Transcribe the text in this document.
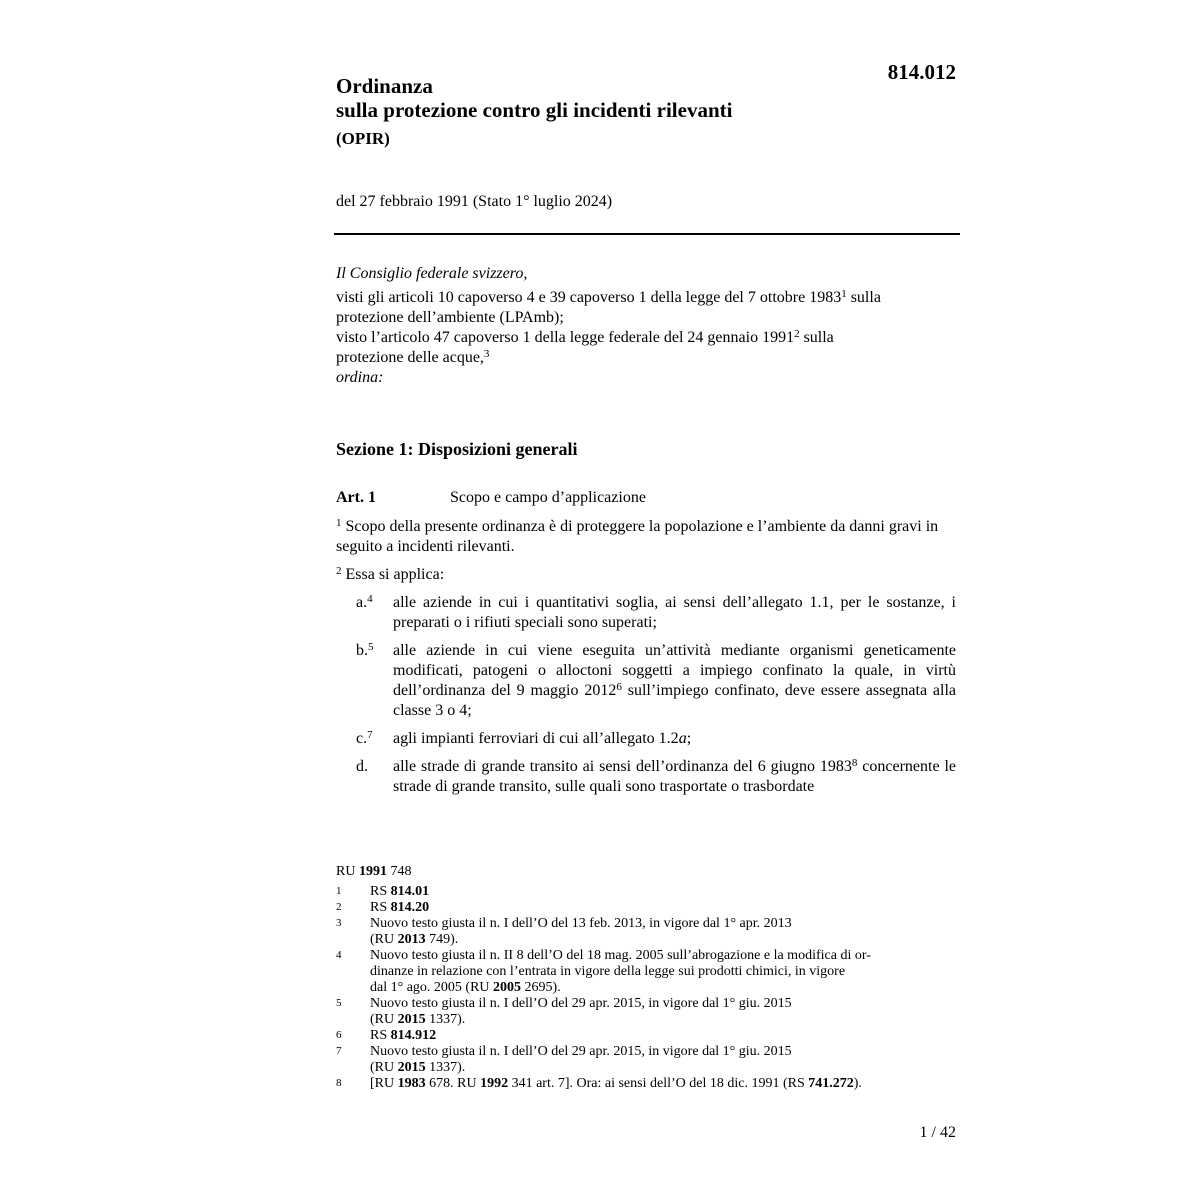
814.012
Ordinanza
sulla protezione contro gli incidenti rilevanti
(OPIR)
del 27 febbraio 1991 (Stato 1° luglio 2024)
Il Consiglio federale svizzero,
visti gli articoli 10 capoverso 4 e 39 capoverso 1 della legge del 7 ottobre 1983$^1$ sulla
protezione dell’ambiente (LPAmb);
visto l’articolo 47 capoverso 1 della legge federale del 24 gennaio 1991$^2$ sulla
protezione delle acque,$^3$
ordina:
Sezione 1: Disposizioni generali
Art. 1	Scopo e campo d’applicazione
$^1$ Scopo della presente ordinanza è di proteggere la popolazione e l’ambiente da danni gravi in seguito a incidenti rilevanti.
$^2$ Essa si applica:
a.$^4$	alle aziende in cui i quantitativi soglia, ai sensi dell’allegato 1.1, per le sostanze, i preparati o i rifiuti speciali sono superati;
b.$^5$	alle aziende in cui viene eseguita un’attività mediante organismi geneticamente modificati, patogeni o alloctoni soggetti a impiego confinato la quale, in virtù dell’ordinanza del 9 maggio 2012$^6$ sull’impiego confinato, deve essere assegnata alla classe 3 o 4;
c.$^7$	agli impianti ferroviari di cui all’allegato 1.2a;
d.	alle strade di grande transito ai sensi dell’ordinanza del 6 giugno 1983$^8$ concernente le strade di grande transito, sulle quali sono trasportate o trasbordate
RU 1991 748
1	RS 814.01
2	RS 814.20
3	Nuovo testo giusta il n. I dell’O del 13 feb. 2013, in vigore dal 1° apr. 2013
(RU 2013 749).
4	Nuovo testo giusta il n. II 8 dell’O del 18 mag. 2005 sull’abrogazione e la modifica di or-
dinanze in relazione con l’entrata in vigore della legge sui prodotti chimici, in vigore
dal 1° ago. 2005 (RU 2005 2695).
5	Nuovo testo giusta il n. I dell’O del 29 apr. 2015, in vigore dal 1° giu. 2015
(RU 2015 1337).
6	RS 814.912
7	Nuovo testo giusta il n. I dell’O del 29 apr. 2015, in vigore dal 1° giu. 2015
(RU 2015 1337).
8	[RU 1983 678. RU 1992 341 art. 7]. Ora: ai sensi dell’O del 18 dic. 1991 (RS 741.272).
1 / 42
